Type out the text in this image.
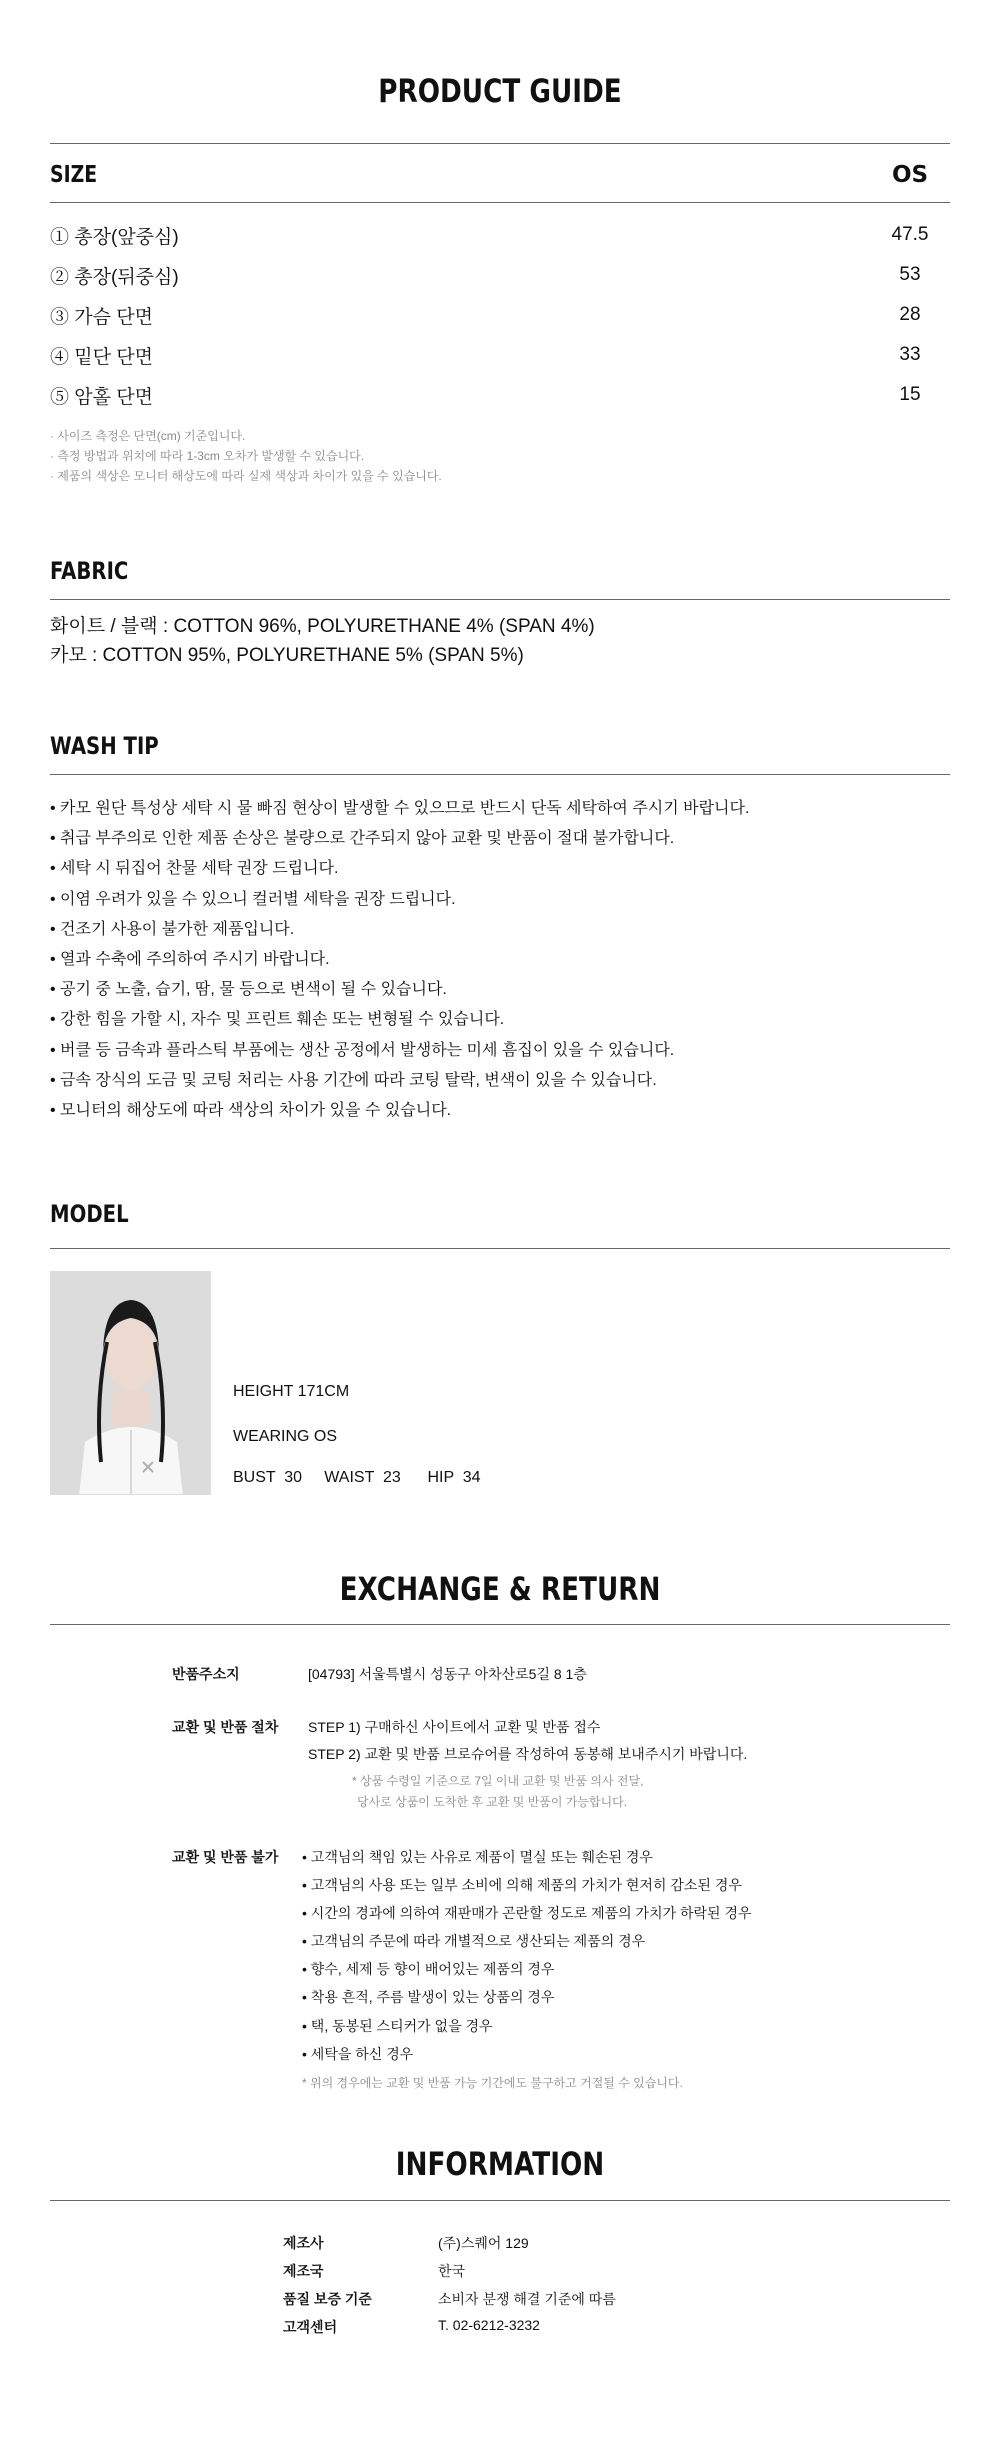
PRODUCT GUIDE
SIZE	OS
① 총장(앞중심)	47.5
② 총장(뒤중심)	53
③ 가슴 단면	28
④ 밑단 단면	33
⑤ 암홀 단면	15
· 사이즈 측정은 단면(cm) 기준입니다.
· 측정 방법과 위치에 따라 1-3cm 오차가 발생할 수 있습니다.
· 제품의 색상은 모니터 해상도에 따라 실제 색상과 차이가 있을 수 있습니다.
FABRIC
화이트 / 블랙 : COTTON 96%, POLYURETHANE 4% (SPAN 4%)
카모 : COTTON 95%, POLYURETHANE 5% (SPAN 5%)
WASH TIP
• 카모 원단 특성상 세탁 시 물 빠짐 현상이 발생할 수 있으므로 반드시 단독 세탁하여 주시기 바랍니다.
• 취급 부주의로 인한 제품 손상은 불량으로 간주되지 않아 교환 및 반품이 절대 불가합니다.
• 세탁 시 뒤집어 찬물 세탁 권장 드립니다.
• 이염 우려가 있을 수 있으니 컬러별 세탁을 권장 드립니다.
• 건조기 사용이 불가한 제품입니다.
• 열과 수축에 주의하여 주시기 바랍니다.
• 공기 중 노출, 습기, 땀, 물 등으로 변색이 될 수 있습니다.
• 강한 힘을 가할 시, 자수 및 프린트 훼손 또는 변형될 수 있습니다.
• 버클 등 금속과 플라스틱 부품에는 생산 공정에서 발생하는 미세 흠집이 있을 수 있습니다.
• 금속 장식의 도금 및 코팅 처리는 사용 기간에 따라 코팅 탈락, 변색이 있을 수 있습니다.
• 모니터의 해상도에 따라 색상의 차이가 있을 수 있습니다.
MODEL
HEIGHT 171CM
WEARING OS
BUST  30     WAIST  23      HIP  34
EXCHANGE & RETURN
반품주소지	[04793] 서울특별시 성동구 아차산로5길 8 1층
교환 및 반품 절차 STEP 1) 구매하신 사이트에서 교환 및 반품 접수
STEP 2) 교환 및 반품 브로슈어를 작성하여 동봉해 보내주시기 바랍니다.
* 상품 수령일 기준으로 7일 이내 교환 및 반품 의사 전달,
당사로 상품이 도착한 후 교환 및 반품이 가능합니다.
교환 및 반품 불가 • 고객님의 책임 있는 사유로 제품이 멸실 또는 훼손된 경우
• 고객님의 사용 또는 일부 소비에 의해 제품의 가치가 현저히 감소된 경우
• 시간의 경과에 의하여 재판매가 곤란할 정도로 제품의 가치가 하락된 경우
• 고객님의 주문에 따라 개별적으로 생산되는 제품의 경우
• 향수, 세제 등 향이 배어있는 제품의 경우
• 착용 흔적, 주름 발생이 있는 상품의 경우
• 택, 동봉된 스티커가 없을 경우
• 세탁을 하신 경우
* 위의 경우에는 교환 및 반품 가능 기간에도 불구하고 거절될 수 있습니다.
INFORMATION
제조사	(주)스퀘어 129
제조국	한국
품질 보증 기준	소비자 분쟁 해결 기준에 따름
고객센터	T. 02-6212-3232
